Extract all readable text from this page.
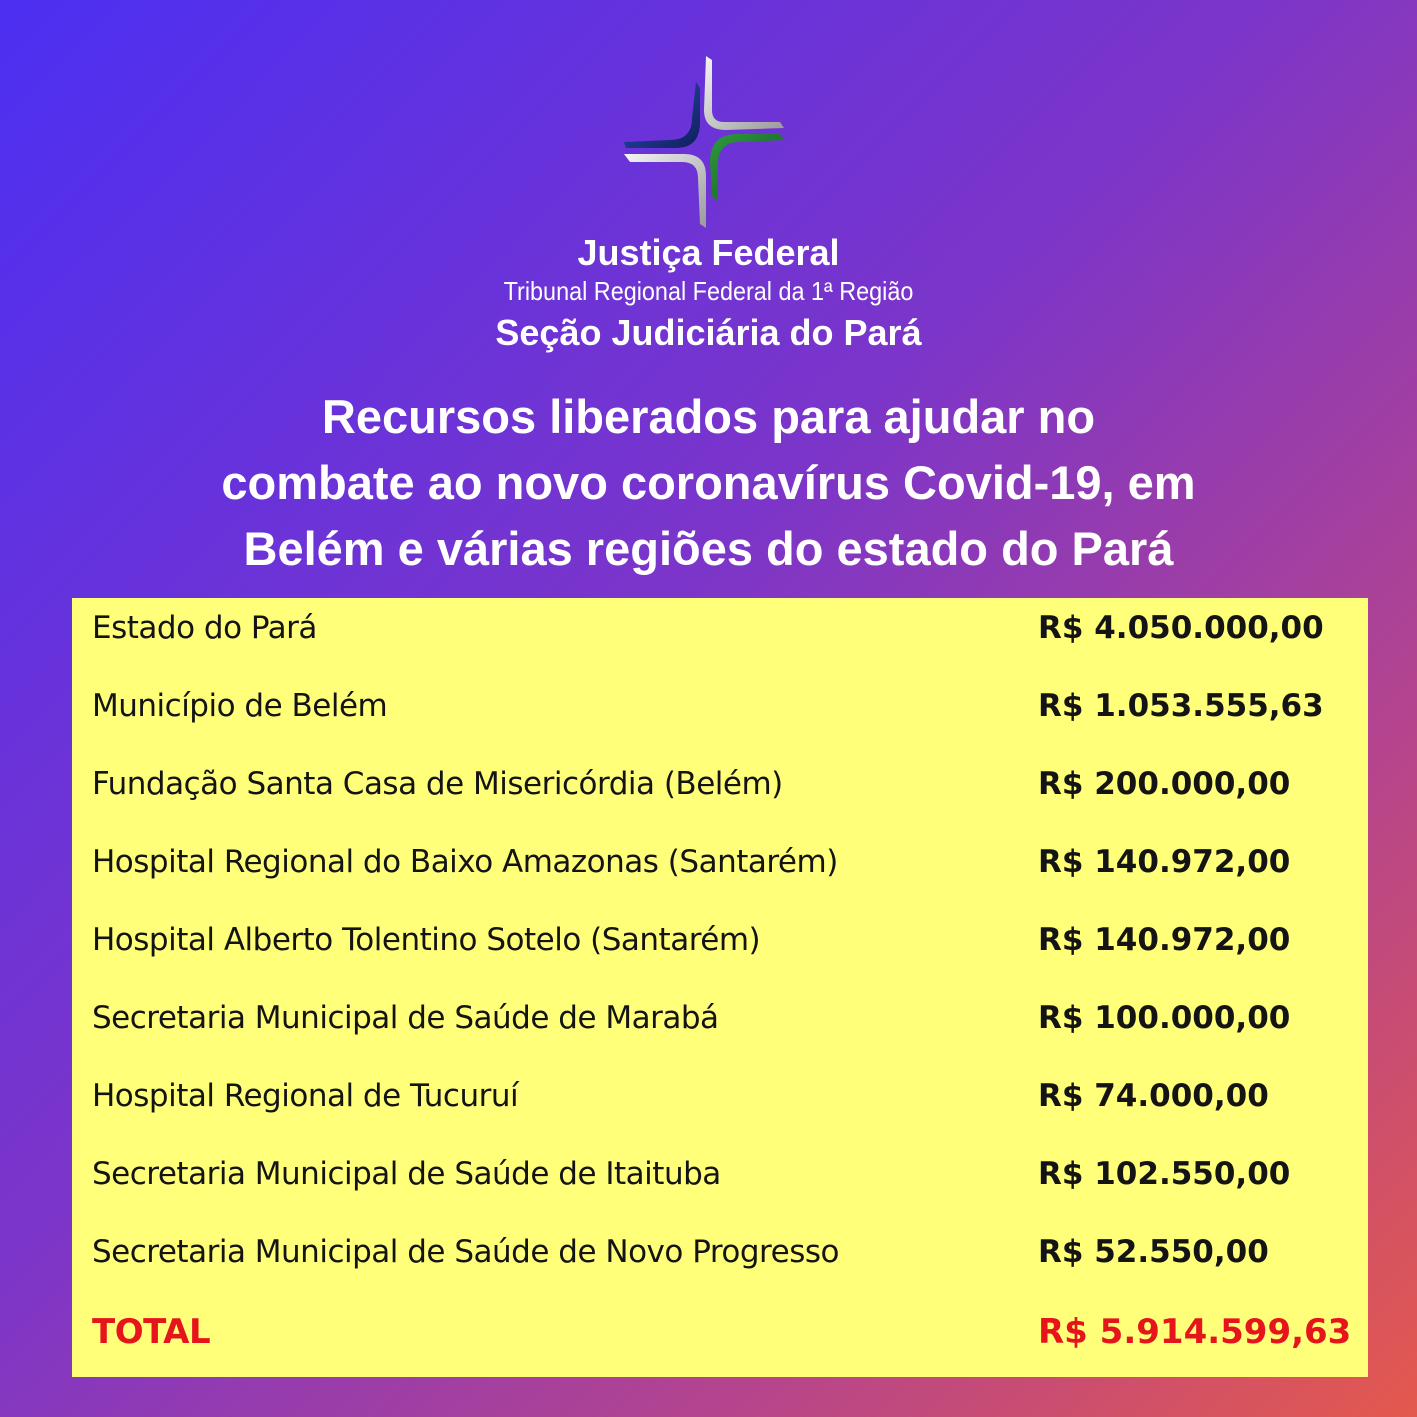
Justiça Federal

Tribunal Regional Federal da 1ª Região

Seção Judiciária do Pará

Recursos liberados para ajudar no
combate ao novo coronavírus Covid-19, em
Belém e várias regiões do estado do Pará
Estado do Pará	R$ 4.050.000,00
Município de Belém	R$ 1.053.555,63
Fundação Santa Casa de Misericórdia (Belém)	R$ 200.000,00
Hospital Regional do Baixo Amazonas (Santarém)	R$ 140.972,00
Hospital Alberto Tolentino Sotelo (Santarém)	R$ 140.972,00
Secretaria Municipal de Saúde de Marabá	R$ 100.000,00
Hospital Regional de Tucuruí	R$ 74.000,00
Secretaria Municipal de Saúde de Itaituba	R$ 102.550,00
Secretaria Municipal de Saúde de Novo Progresso	R$ 52.550,00
TOTAL	R$ 5.914.599,63
